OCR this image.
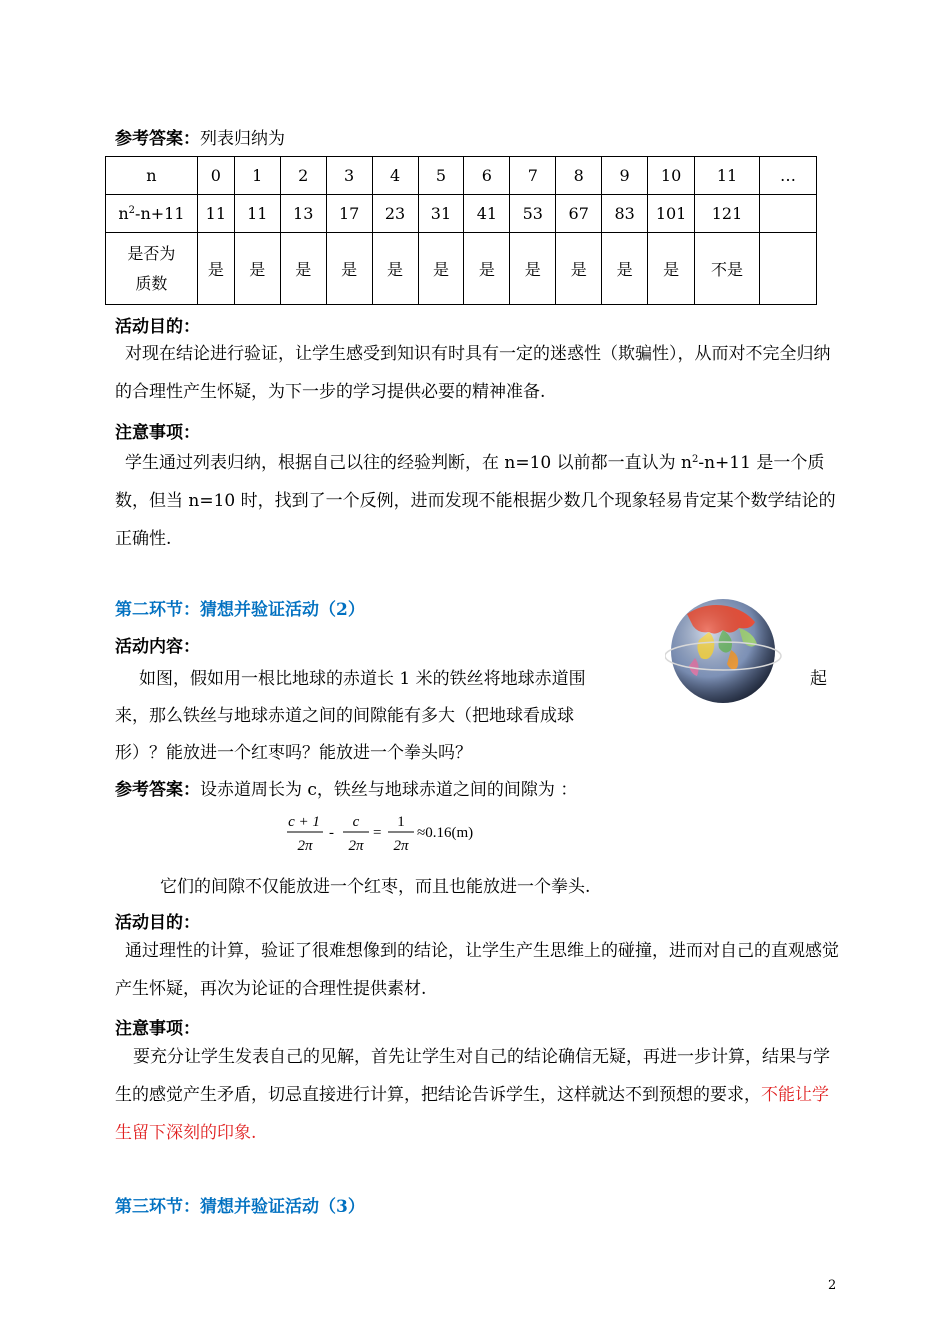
参考答案：列表归纳为
n	0	1	2	3	4	5	6	7	8	9	10	11	…
$n^2-n+11$	11	11	13	17	23	31	41	53	67	83	101	121	

是否为
质数	是	是	是	是	是	是	是	是	是	是	是	不是	
活动目的：
对现在结论进行验证，让学生感受到知识有时具有一定的迷惑性（欺骗性），从而对不完全归纳的合理性产生怀疑，为下一步的学习提供必要的精神准备.
注意事项：
学生通过列表归纳，根据自己以往的经验判断，在 n=10 以前都一直认为 $n^2-n+11$ 是一个质数，但当 n=10 时，找到了一个反例，进而发现不能根据少数几个现象轻易肯定某个数学结论的正确性.
第二环节：猜想并验证活动（2）
活动内容：
如图，假如用一根比地球的赤道长 1 米的铁丝将地球赤道围	起
来，那么铁丝与地球赤道之间的间隙能有多大（把地球看成球
形）？能放进一个红枣吗？能放进一个拳头吗？
参考答案：设赤道周长为 c，铁丝与地球赤道之间的间隙为 ：
c + 1
2π
-
c
2π
=
1
2π
≈0.16(m)
它们的间隙不仅能放进一个红枣，而且也能放进一个拳头.
活动目的：
通过理性的计算，验证了很难想像到的结论，让学生产生思维上的碰撞，进而对自己的直观感觉产生怀疑，再次为论证的合理性提供素材.
注意事项：
要充分让学生发表自己的见解，首先让学生对自己的结论确信无疑，再进一步计算，结果与学生的感觉产生矛盾，切忌直接进行计算，把结论告诉学生，这样就达不到预想的要求，不能让学生留下深刻的印象.
第三环节：猜想并验证活动（3）
2
